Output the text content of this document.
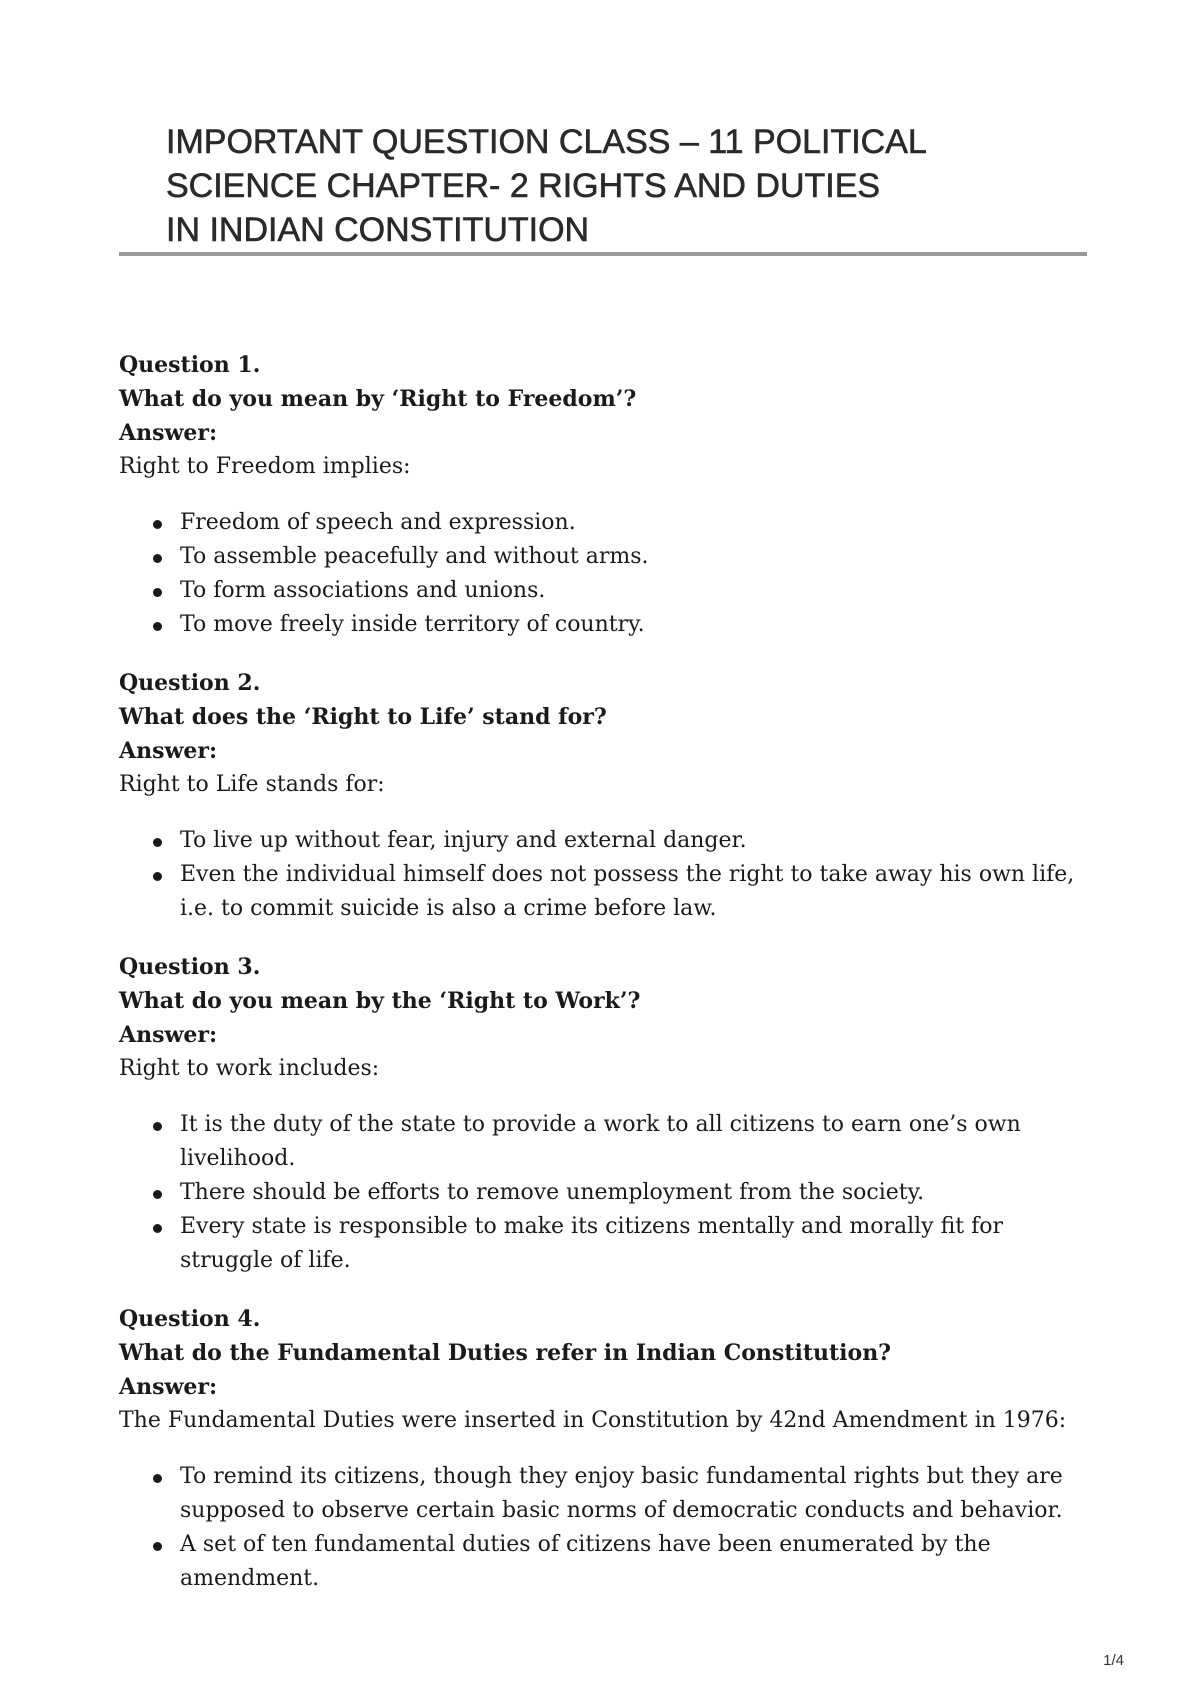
IMPORTANT QUESTION CLASS – 11 POLITICAL
SCIENCE CHAPTER- 2 RIGHTS AND DUTIES
IN INDIAN CONSTITUTION

Question 1.

What do you mean by ‘Right to Freedom’?

Answer:

Right to Freedom implies:

Freedom of speech and expression.
To assemble peacefully and without arms.
To form associations and unions.
To move freely inside territory of country.

Question 2.

What does the ‘Right to Life’ stand for?

Answer:

Right to Life stands for:

To live up without fear, injury and external danger.
Even the individual himself does not possess the right to take away his own life, i.e. to commit suicide is also a crime before law.

Question 3.

What do you mean by the ‘Right to Work’?

Answer:

Right to work includes:

It is the duty of the state to provide a work to all citizens to earn one’s own livelihood.
There should be efforts to remove unemployment from the society.
Every state is responsible to make its citizens mentally and morally fit for struggle of life.

Question 4.

What do the Fundamental Duties refer in Indian Constitution?

Answer:

The Fundamental Duties were inserted in Constitution by 42nd Amendment in 1976:

To remind its citizens, though they enjoy basic fundamental rights but they are supposed to observe certain basic norms of democratic conducts and behavior.
A set of ten fundamental duties of citizens have been enumerated by the amendment.
1/4
